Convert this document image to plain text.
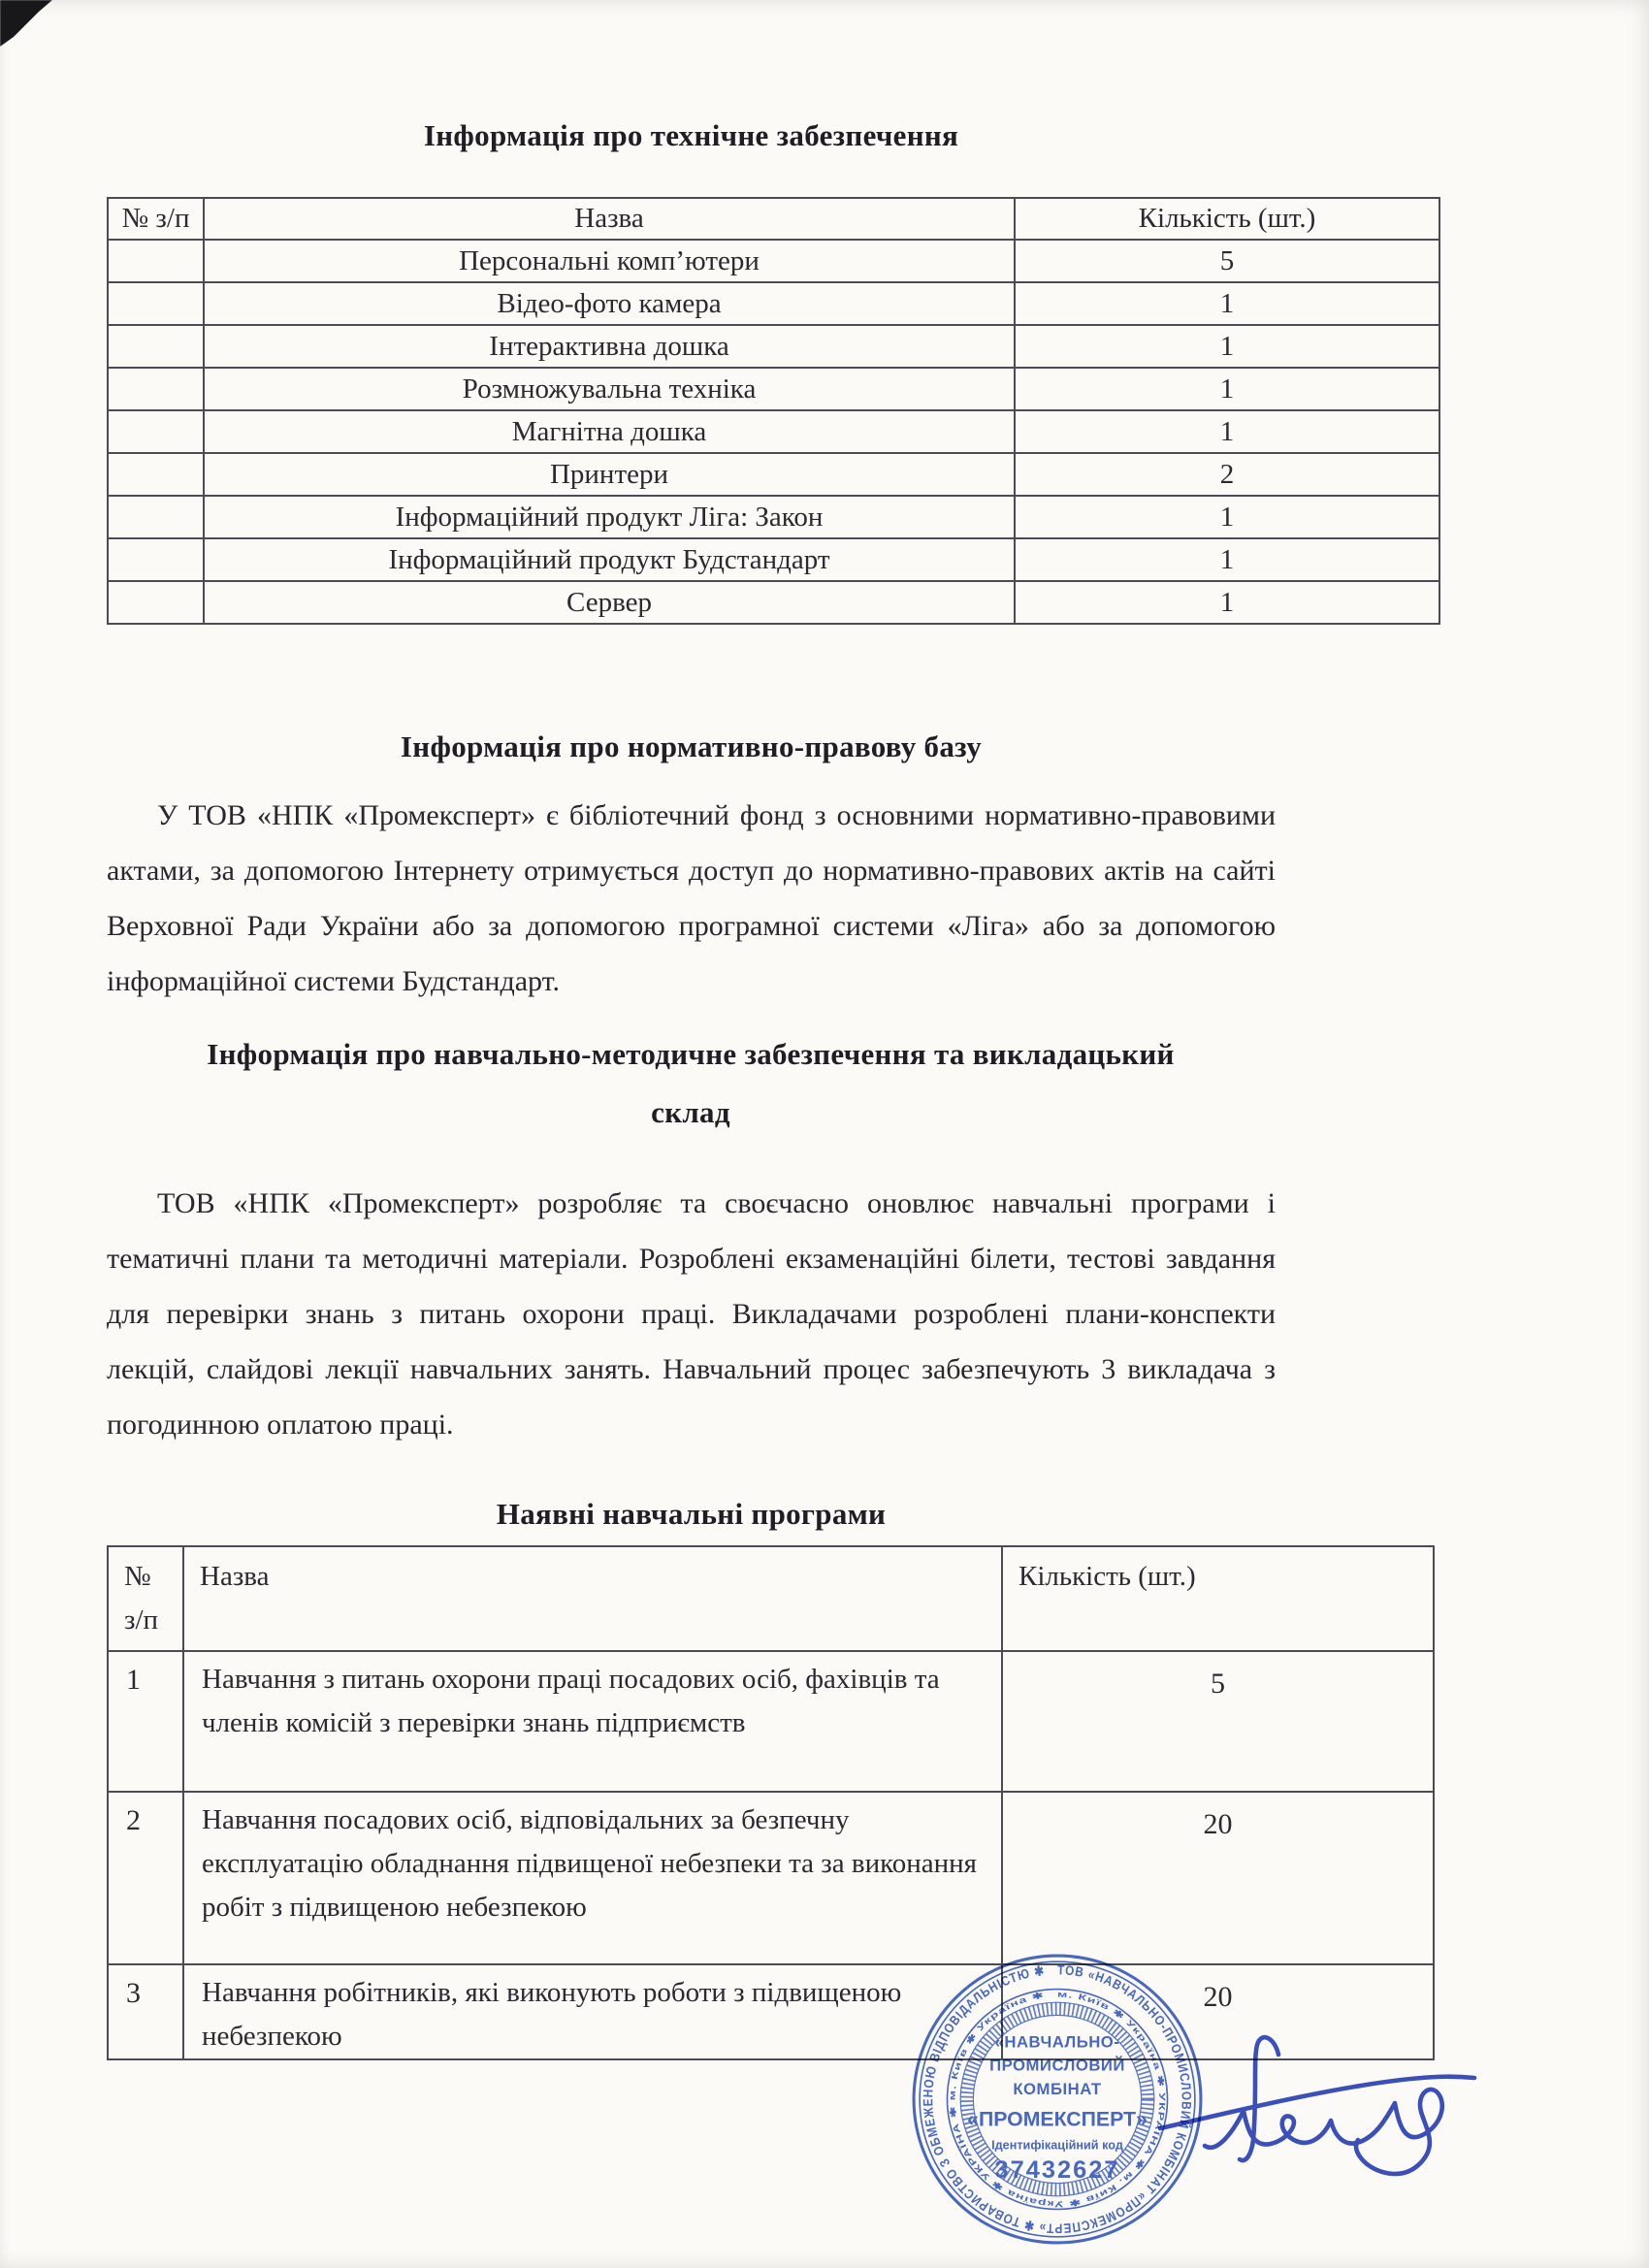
Інформація про технічне забезпечення
№ з/п	Назва	Кількість (шт.)
	Персональні комп’ютери	5
	Відео-фото камера	1
	Інтерактивна дошка	1
	Розмножувальна техніка	1
	Магнітна дошка	1
	Принтери	2
	Інформаційний продукт Ліга: Закон	1
	Інформаційний продукт Будстандарт	1
	Сервер	1
Інформація про нормативно-правову базу
У ТОВ «НПК «Промексперт» є бібліотечний фонд з основними нормативно-правовими актами, за допомогою Інтернету отримується доступ до нормативно-правових актів на сайті Верховної Ради України або за допомогою програмної системи «Ліга» або за допомогою інформаційної системи Будстандарт.
Інформація про навчально-методичне забезпечення та викладацький склад
ТОВ «НПК «Промексперт» розробляє та своєчасно оновлює навчальні програми і тематичні плани та методичні матеріали. Розроблені екзаменаційні білети, тестові завдання для перевірки знань з питань охорони праці. Викладачами розроблені плани-конспекти лекцій, слайдові лекції навчальних занять. Навчальний процес забезпечують 3 викладача з погодинною оплатою праці.
Наявні навчальні програми
№ з/п	Назва	Кількість (шт.)
1	Навчання з питань охорони праці посадових осіб, фахівців та членів комісій з перевірки знань підприємств	5
2	Навчання посадових осіб, відповідальних за безпечну експлуатацію обладнання підвищеної небезпеки та за виконання робіт з підвищеною небезпекою	20
3	Навчання робітників, які виконують роботи з підвищеною небезпекою	20
ТОВ «НАВЧАЛЬНО-ПРОМИСЛОВИЙ КОМБІНАТ «ПРОМЕКСПЕРТ» ✱ ТОВАРИСТВО З ОБМЕЖЕНОЮ ВІДПОВІДАЛЬНІСТЮ ✱
м. Київ ✱ Україна ✱ УКРАЇНА ✱ м. Київ ✱ Україна ✱ УКРАЇНА ✱ м. Київ ✱ Україна ✱
«НАВЧАЛЬНО-
ПРОМИСЛОВИЙ
КОМБІНАТ
«ПРОМЕКСПЕРТ»
Ідентифікаційний код
37432627
